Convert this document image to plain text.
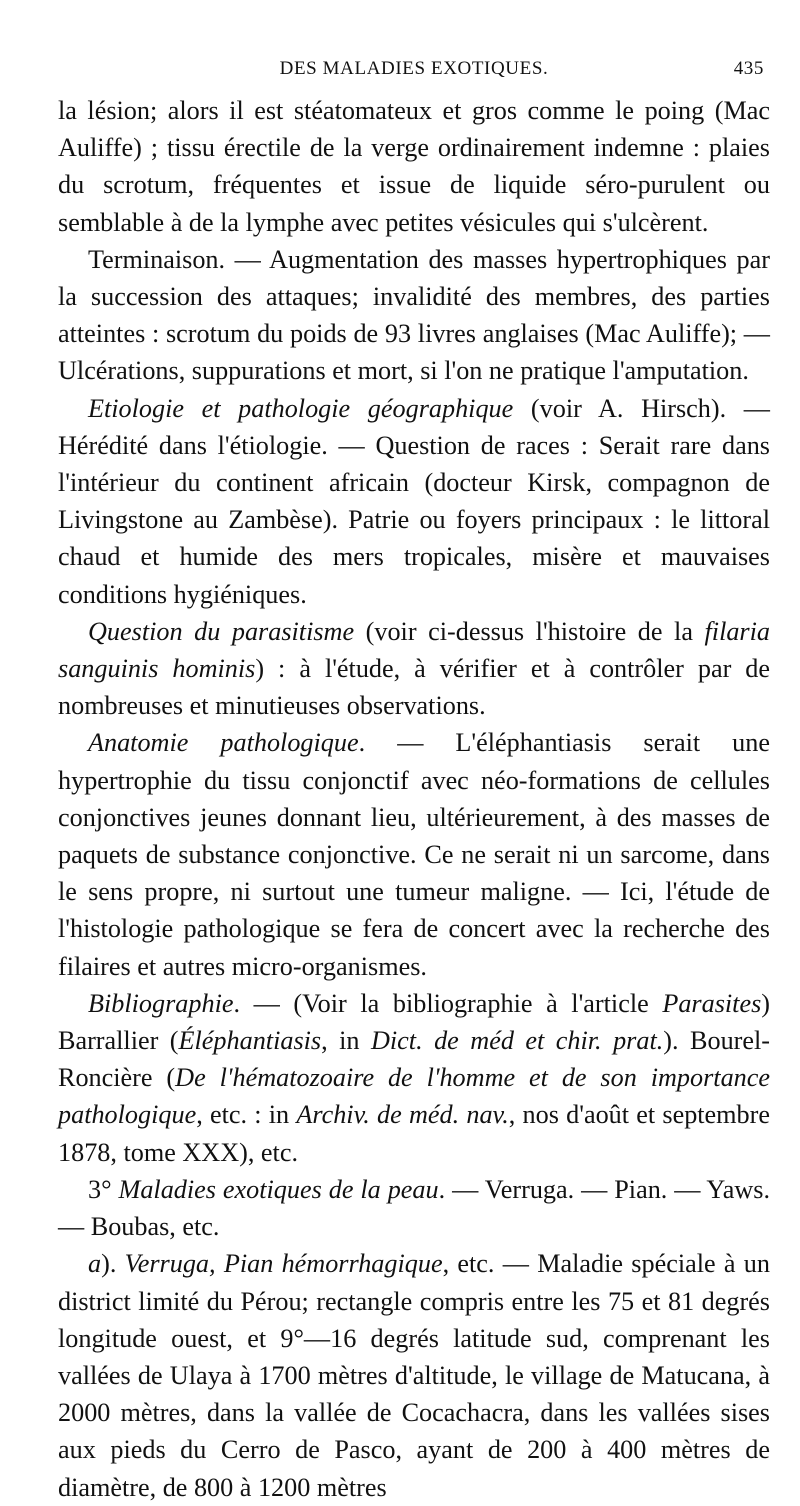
DES MALADIES EXOTIQUES.	435

la lésion; alors il est stéatomateux et gros comme le poing (Mac Auliffe) ; tissu érectile de la verge ordinairement indemne : plaies du scrotum, fréquentes et issue de liquide séro-purulent ou semblable à de la lymphe avec petites vésicules qui s'ulcèrent.

Terminaison. — Augmentation des masses hypertrophiques par la succession des attaques; invalidité des membres, des parties atteintes : scrotum du poids de 93 livres anglaises (Mac Auliffe); — Ulcérations, suppurations et mort, si l'on ne pratique l'amputation.

Etiologie et pathologie géographique (voir A. Hirsch). — Hérédité dans l'étiologie. — Question de races : Serait rare dans l'intérieur du continent africain (docteur Kirsk, compagnon de Livingstone au Zambèse). Patrie ou foyers principaux : le littoral chaud et humide des mers tropicales, misère et mauvaises conditions hygiéniques.

Question du parasitisme (voir ci-dessus l'histoire de la filaria sanguinis hominis) : à l'étude, à vérifier et à contrôler par de nombreuses et minutieuses observations.

Anatomie pathologique. — L'éléphantiasis serait une hypertrophie du tissu conjonctif avec néo-formations de cellules conjonctives jeunes donnant lieu, ultérieurement, à des masses de paquets de substance conjonctive. Ce ne serait ni un sarcome, dans le sens propre, ni surtout une tumeur maligne. — Ici, l'étude de l'histologie pathologique se fera de concert avec la recherche des filaires et autres micro-organismes.

Bibliographie. — (Voir la bibliographie à l'article Parasites) Barrallier (Éléphantiasis, in Dict. de méd et chir. prat.). Bourel-Roncière (De l'hématozoaire de l'homme et de son importance pathologique, etc. : in Archiv. de méd. nav., nos d'août et septembre 1878, tome XXX), etc.

3° Maladies exotiques de la peau. — Verruga. — Pian. — Yaws. — Boubas, etc.

a). Verruga, Pian hémorrhagique, etc. — Maladie spéciale à un district limité du Pérou; rectangle compris entre les 75 et 81 degrés longitude ouest, et 9°—16 degrés latitude sud, comprenant les vallées de Ulaya à 1700 mètres d'altitude, le village de Matucana, à 2000 mètres, dans la vallée de Cocachacra, dans les vallées sises aux pieds du Cerro de Pasco, ayant de 200 à 400 mètres de diamètre, de 800 à 1200 mètres
